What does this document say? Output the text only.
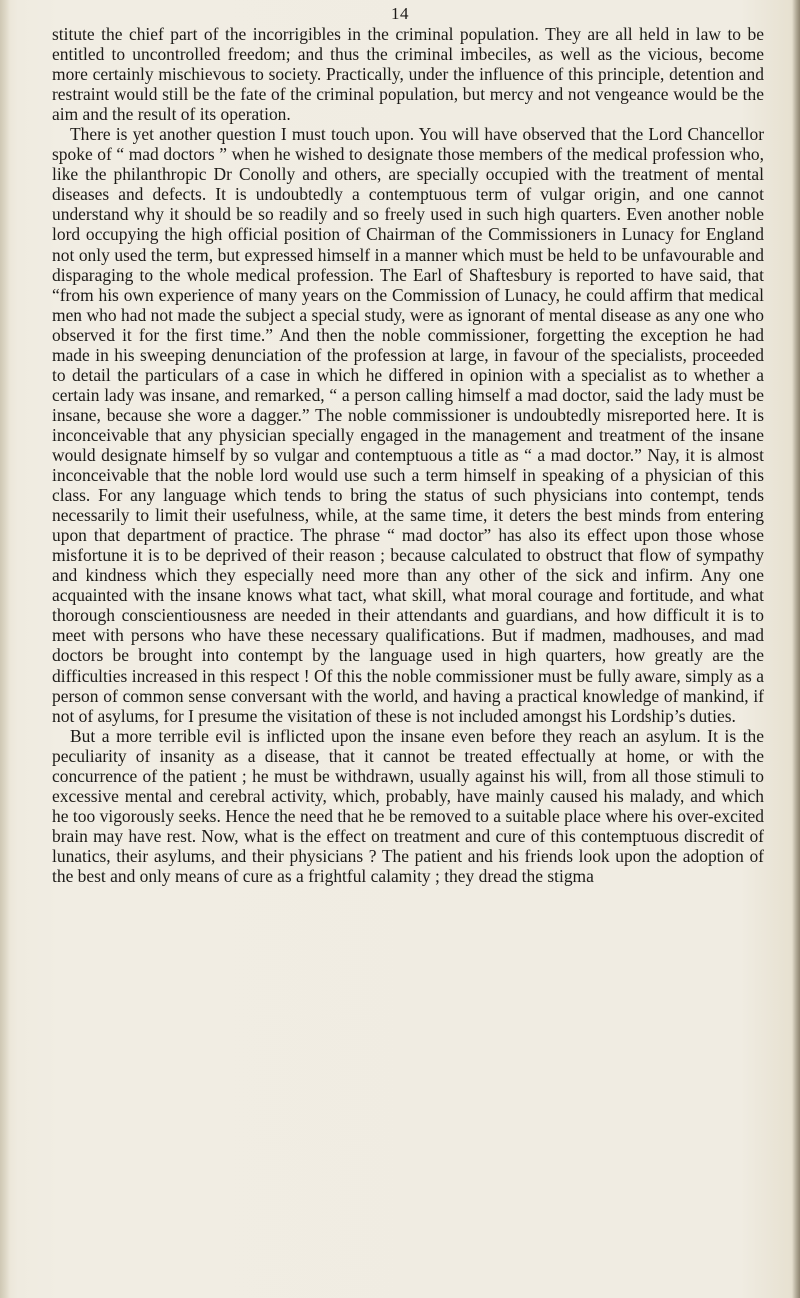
14

stitute the chief part of the incorrigibles in the criminal population. They are all held in law to be entitled to uncontrolled freedom; and thus the criminal imbeciles, as well as the vicious, become more certainly mischievous to society. Practically, under the influence of this principle, detention and restraint would still be the fate of the criminal population, but mercy and not vengeance would be the aim and the result of its operation.

There is yet another question I must touch upon. You will have observed that the Lord Chancellor spoke of “ mad doctors ” when he wished to designate those members of the medical profession who, like the philanthropic Dr Conolly and others, are specially occupied with the treatment of mental diseases and defects. It is undoubtedly a contemptuous term of vulgar origin, and one cannot understand why it should be so readily and so freely used in such high quarters. Even another noble lord occupying the high official position of Chairman of the Commissioners in Lunacy for England not only used the term, but expressed himself in a manner which must be held to be unfavourable and disparaging to the whole medical profession. The Earl of Shaftesbury is reported to have said, that “from his own experience of many years on the Commission of Lunacy, he could affirm that medical men who had not made the subject a special study, were as ignorant of mental disease as any one who observed it for the first time.” And then the noble commissioner, forgetting the exception he had made in his sweeping denunciation of the profession at large, in favour of the specialists, proceeded to detail the particulars of a case in which he differed in opinion with a specialist as to whether a certain lady was insane, and remarked, “ a person calling himself a mad doctor, said the lady must be insane, because she wore a dagger.” The noble commissioner is undoubtedly misreported here. It is inconceivable that any physician specially engaged in the management and treatment of the insane would designate himself by so vulgar and contemptuous a title as “ a mad doctor.” Nay, it is almost inconceivable that the noble lord would use such a term himself in speaking of a physician of this class. For any language which tends to bring the status of such physicians into contempt, tends necessarily to limit their usefulness, while, at the same time, it deters the best minds from entering upon that department of practice. The phrase “ mad doctor” has also its effect upon those whose misfortune it is to be deprived of their reason ; because calculated to obstruct that flow of sympathy and kindness which they especially need more than any other of the sick and infirm. Any one acquainted with the insane knows what tact, what skill, what moral courage and fortitude, and what thorough conscientiousness are needed in their attendants and guardians, and how difficult it is to meet with persons who have these necessary qualifications. But if madmen, madhouses, and mad doctors be brought into contempt by the language used in high quarters, how greatly are the difficulties increased in this respect ! Of this the noble commissioner must be fully aware, simply as a person of common sense conversant with the world, and having a practical knowledge of mankind, if not of asylums, for I presume the visitation of these is not included amongst his Lordship’s duties.

But a more terrible evil is inflicted upon the insane even before they reach an asylum. It is the peculiarity of insanity as a disease, that it cannot be treated effectually at home, or with the concurrence of the patient ; he must be withdrawn, usually against his will, from all those stimuli to excessive mental and cerebral activity, which, probably, have mainly caused his malady, and which he too vigorously seeks. Hence the need that he be removed to a suitable place where his over-excited brain may have rest. Now, what is the effect on treatment and cure of this contemptuous discredit of lunatics, their asylums, and their physicians ? The patient and his friends look upon the adoption of the best and only means of cure as a frightful calamity ; they dread the stigma
